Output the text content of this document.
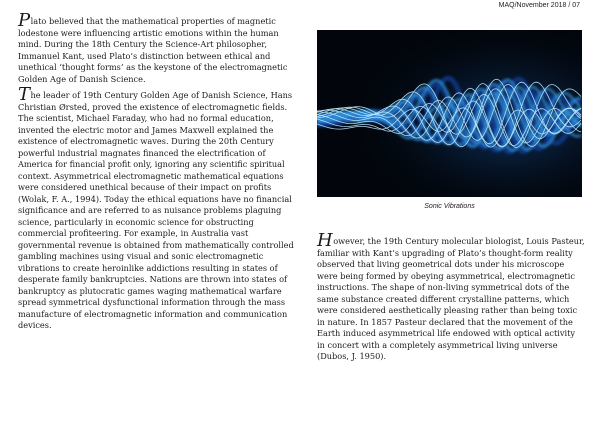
MAQ/November 2018 / 07

Plato believed that the mathematical properties of magnetic lodestone were influencing artistic emotions within the human mind. During the 18th Century the Science-Art philosopher, Immanuel Kant, used Plato’s distinction between ethical and unethical ‘thought forms’ as the keystone of the electromagnetic Golden Age of Danish Science.

The leader of 19th Century Golden Age of Danish Science, Hans Christian Ørsted, proved the existence of electromagnetic fields. The scientist, Michael Faraday, who had no formal education, invented the electric motor and James Maxwell explained the existence of electromagnetic waves. During the 20th Century powerful industrial magnates financed the electrification of America for financial profit only, ignoring any scientific spiritual context. Asymmetrical electromagnetic mathematical equations were considered unethical because of their impact on profits (Wolak, F. A., 1994). Today the ethical equations have no financial significance and are referred to as nuisance problems plaguing science, particularly in economic science for obstructing commercial profiteering. For example, in Australia vast governmental revenue is obtained from mathematically controlled gambling machines using visual and sonic electromagnetic vibrations to create heroinlike addictions resulting in states of desperate family bankruptcies. Nations are thrown into states of bankruptcy as plutocratic games waging mathematical warfare spread symmetrical dysfunctional information through the mass manufacture of electromagnetic information and communication devices.

Sonic Vibrations

However, the 19th Century molecular biologist, Louis Pasteur, familiar with Kant’s upgrading of Plato’s thought-form reality observed that living geometrical dots under his microscope were being formed by obeying asymmetrical, electromagnetic instructions. The shape of non-living symmetrical dots of the same substance created different crystalline patterns, which were considered aesthetically pleasing rather than being toxic in nature. In 1857 Pasteur declared that the movement of the Earth induced asymmetrical life endowed with optical activity in concert with a completely asymmetrical living universe (Dubos, J. 1950).
